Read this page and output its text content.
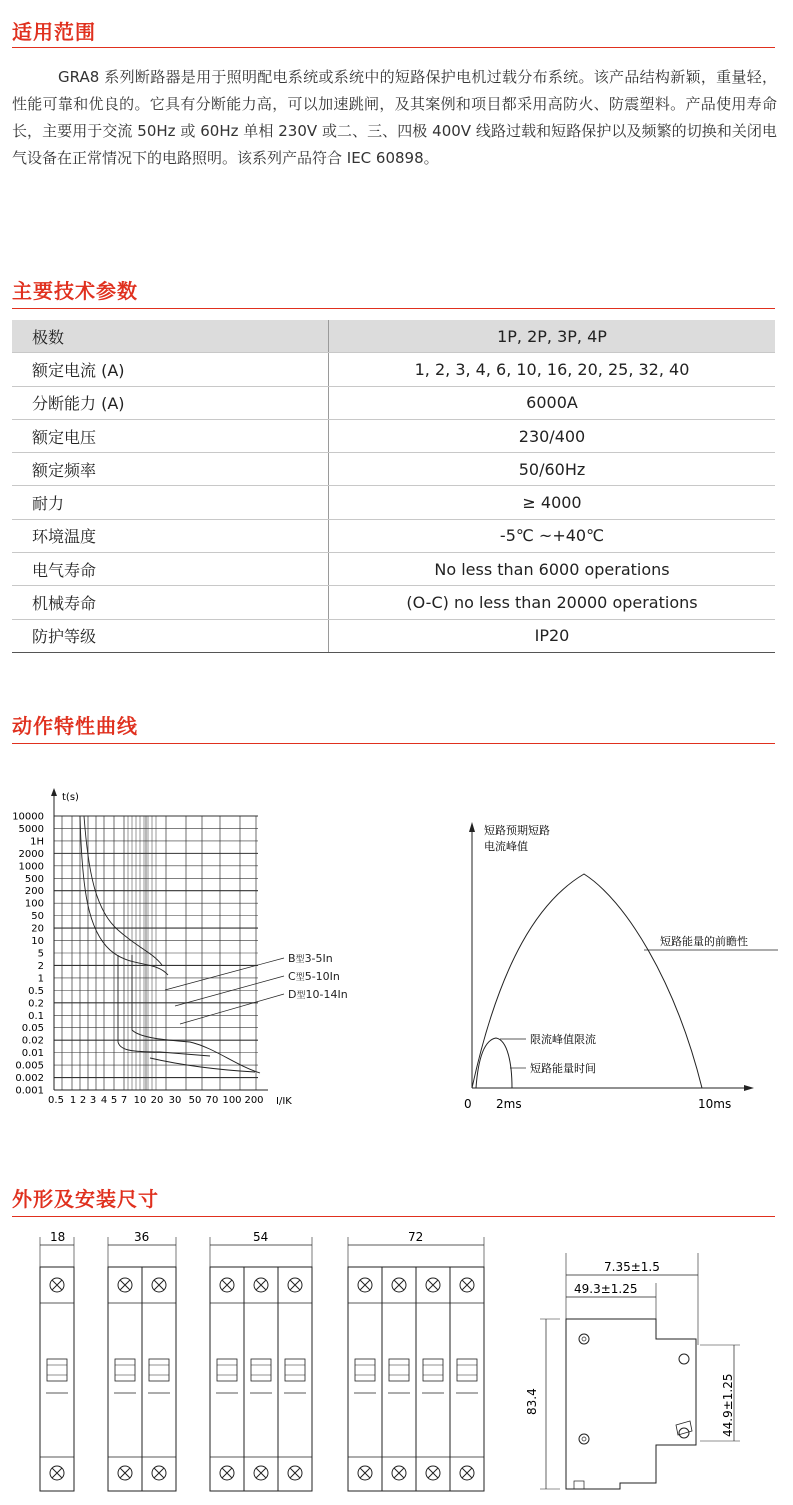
适用范围

GRA8 系列断路器是用于照明配电系统或系统中的短路保护电机过载分布系统。该产品结构新颖，重量轻，性能可靠和优良的。它具有分断能力高，可以加速跳闸，及其案例和项目都采用高防火、防震塑料。产品使用寿命长，主要用于交流 50Hz 或 60Hz 单相 230V 或二、三、四极 400V 线路过载和短路保护以及频繁的切换和关闭电气设备在正常情况下的电路照明。该系列产品符合 IEC 60898。

主要技术参数
极数	1P, 2P, 3P, 4P
额定电流 (A)	1, 2, 3, 4, 6, 10, 16, 20, 25, 32, 40
分断能力 (A)	6000A
额定电压	230/400
额定频率	50/60Hz
耐力	≥ 4000
环境温度	-5℃ ~+40℃
电气寿命	No less than 6000 operations
机械寿命	(O-C) no less than 20000 operations
防护等级	IP20
动作特性曲线
10000
5000
1H
2000
1000
500
200
100
50
20
10
5
2
1
0.5
0.2
0.1
0.05
0.02
0.01
0.005
0.002
0.001
0.5 1 2 3 4 5 7 10 20 30 50 70 100 200
t(s)
I/IK
B型3-5In
C型5-10In
D型10-14In
短路预期短路
电流峰值
短路能量的前瞻性
限流峰值限流
短路能量时间
0 2ms	10ms
外形及安装尺寸
18	36	54	72
7.35±1.5
49.3±1.25
83.4	44.9±1.25
